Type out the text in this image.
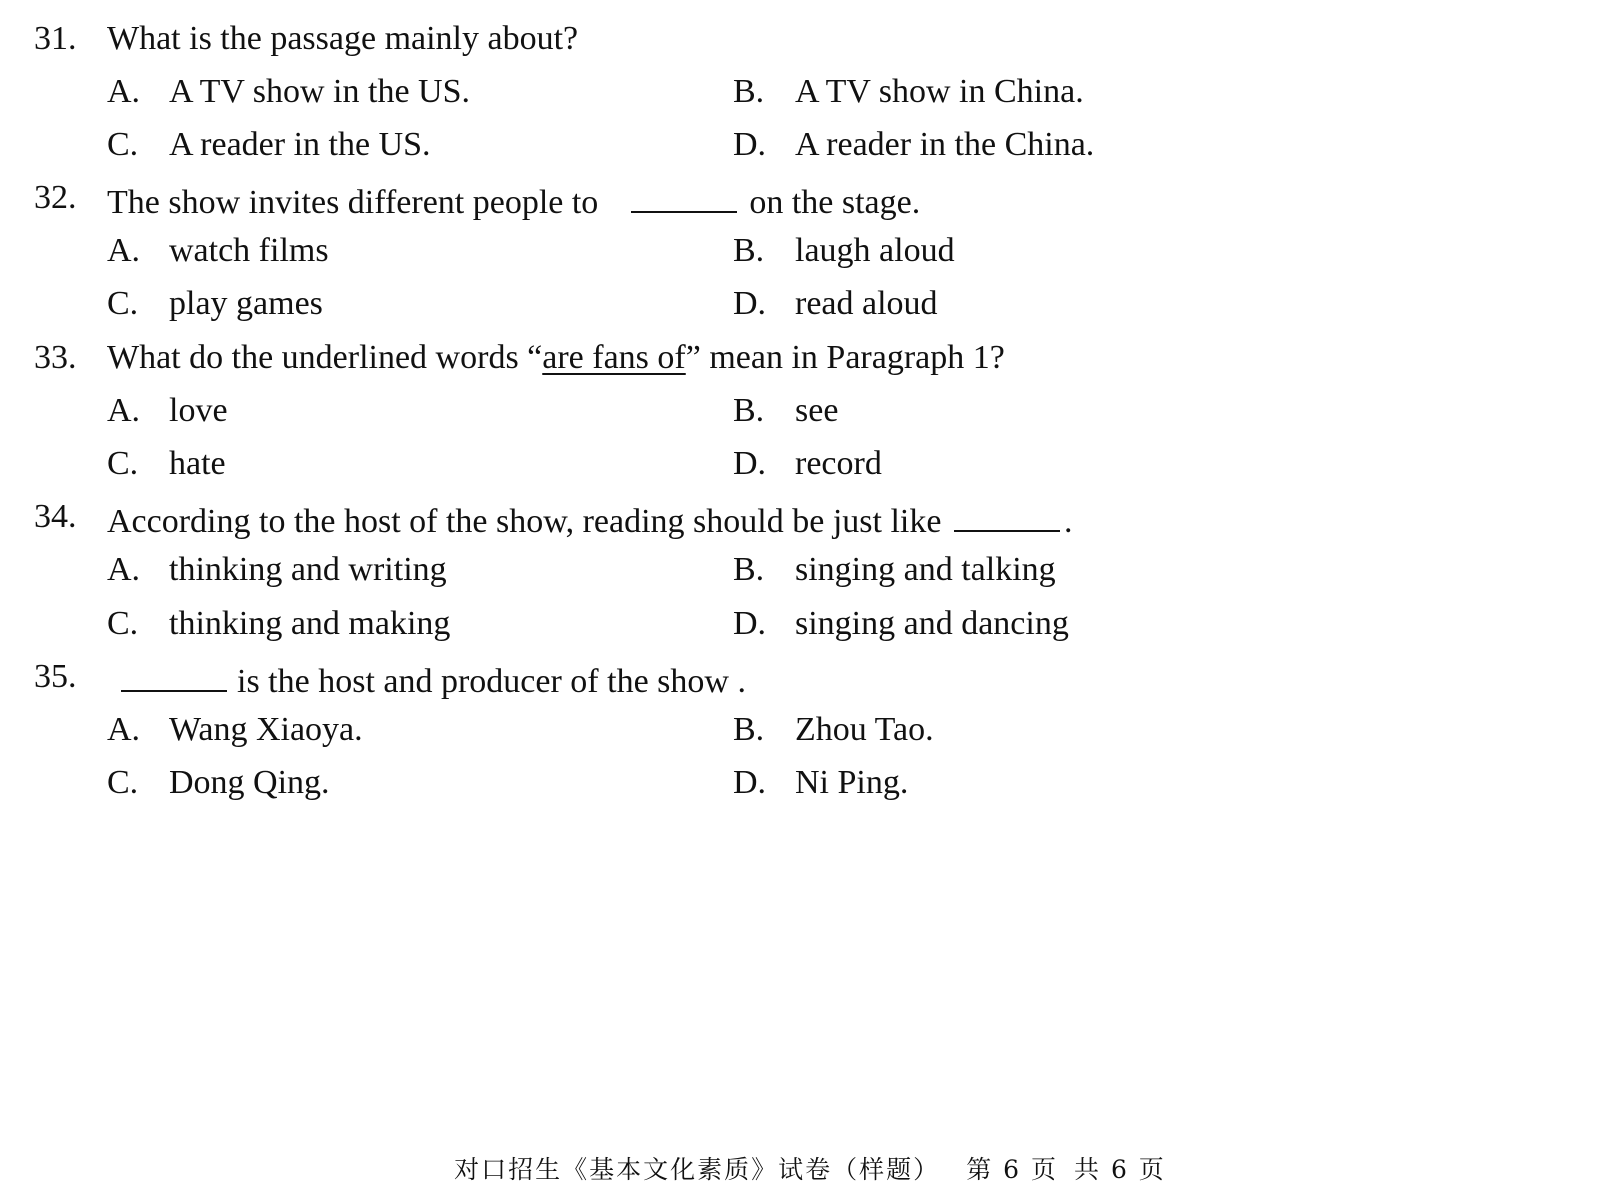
31. What is the passage mainly about?
A. A TV show in the US.	B. A TV show in China.
C. A reader in the US.	D. A reader in the China.
32. The show invites different people to	on the stage.
A. watch films	B. laugh aloud
C. play games	D. read aloud
33. What do the underlined words “are fans of” mean in Paragraph 1?
A. love	B. see
C. hate	D. record
34. According to the host of the show, reading should be just like	.
A. thinking and writing	B. singing and talking
C. thinking and making	D. singing and dancing
35.	is the host and producer of the show .
A. Wang Xiaoya.	B. Zhou Tao.
C. Dong Qing.	D. Ni Ping.
对口招生《基本文化素质》试卷（样题） 第 6 页 共 6 页
